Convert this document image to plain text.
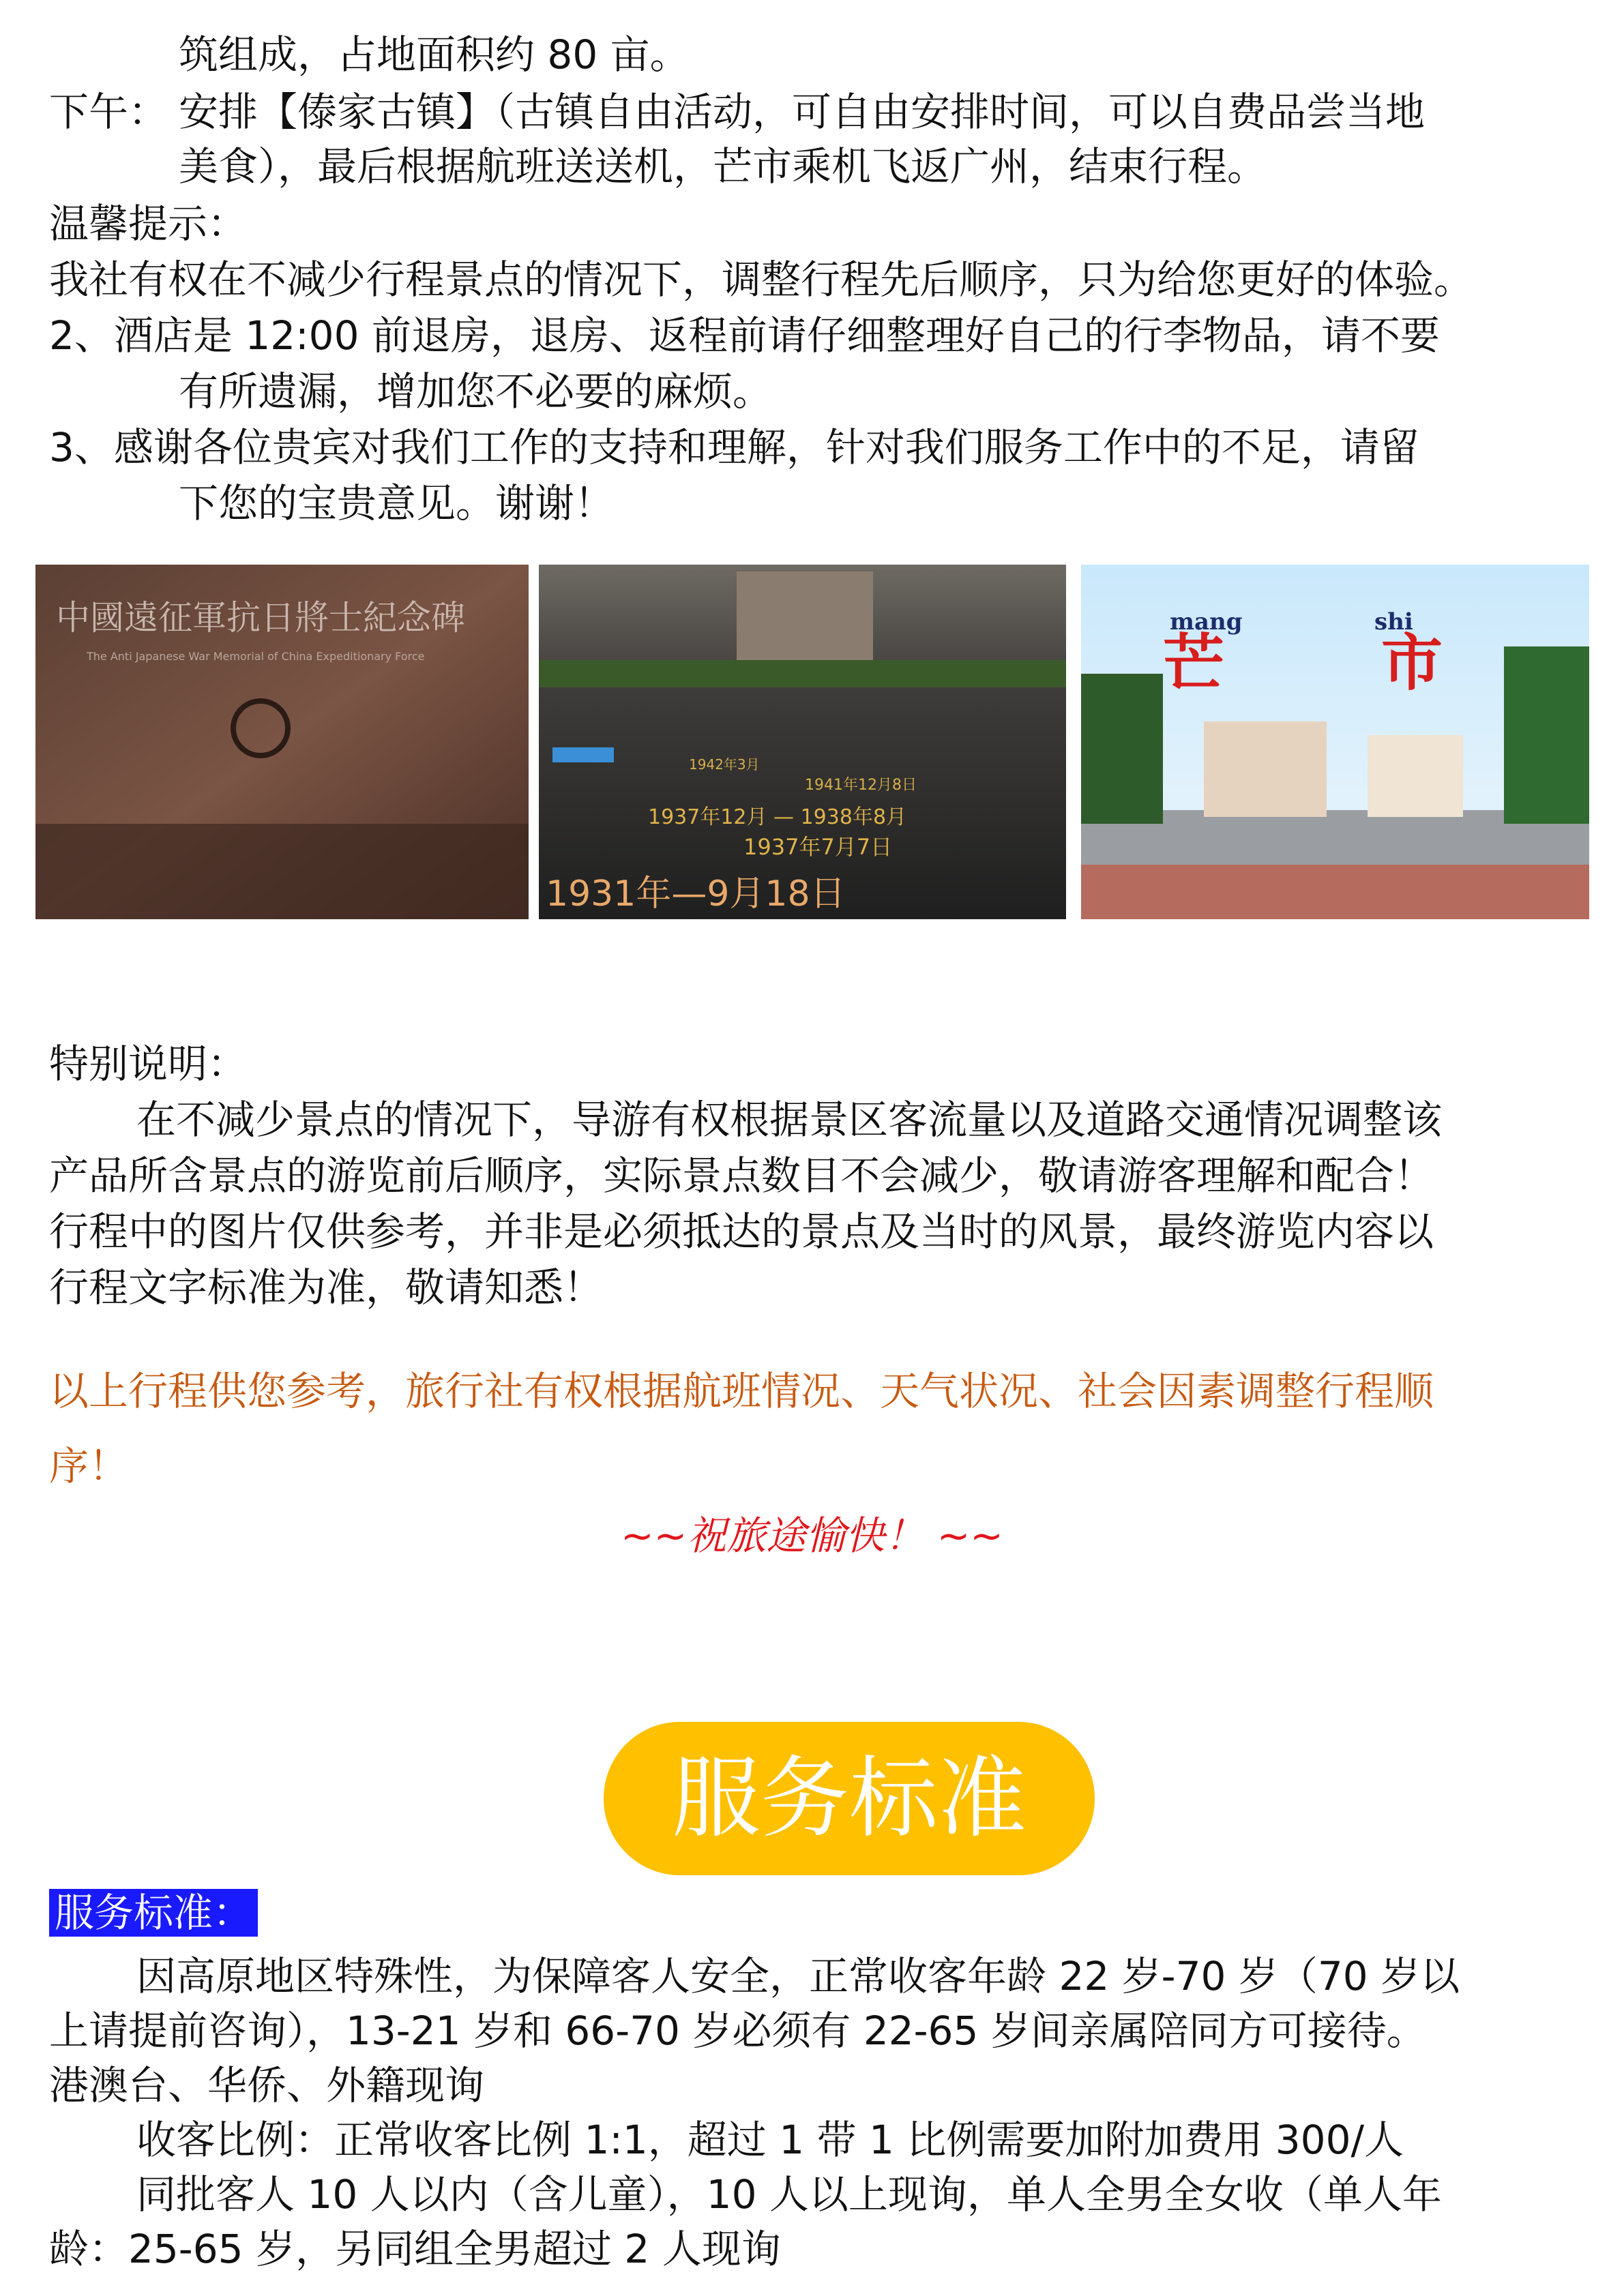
筑组成，占地面积约 80 亩。
下午： 安排【傣家古镇】（古镇自由活动，可自由安排时间，可以自费品尝当地
美食），最后根据航班送送机，芒市乘机飞返广州，结束行程。
温馨提示：
我社有权在不减少行程景点的情况下，调整行程先后顺序，只为给您更好的体验。
2、酒店是 12:00 前退房，退房、返程前请仔细整理好自己的行李物品，请不要
有所遗漏，增加您不必要的麻烦。
3、感谢各位贵宾对我们工作的支持和理解，针对我们服务工作中的不足，请留
下您的宝贵意见。谢谢！
中國遠征軍抗日將士紀念碑
The Anti Japanese War Memorial of China Expeditionary Force
1942年3月
1941年12月8日
1937年12月 — 1938年8月
1937年7月7日
1931年—9月18日
mang	shi
芒	市
特别说明：
在不减少景点的情况下，导游有权根据景区客流量以及道路交通情况调整该
产品所含景点的游览前后顺序，实际景点数目不会减少，敬请游客理解和配合！
行程中的图片仅供参考，并非是必须抵达的景点及当时的风景，最终游览内容以
行程文字标准为准，敬请知悉！
以上行程供您参考，旅行社有权根据航班情况、天气状况、社会因素调整行程顺
序！
~~祝旅途愉快！ ~~
服务标准
服务标准：
因高原地区特殊性，为保障客人安全，正常收客年龄 22 岁-70 岁（70 岁以
上请提前咨询），13-21 岁和 66-70 岁必须有 22-65 岁间亲属陪同方可接待。
港澳台、华侨、外籍现询
收客比例：正常收客比例 1:1，超过 1 带 1 比例需要加附加费用 300/人
同批客人 10 人以内（含儿童），10 人以上现询，单人全男全女收（单人年
龄：25-65 岁，另同组全男超过 2 人现询
